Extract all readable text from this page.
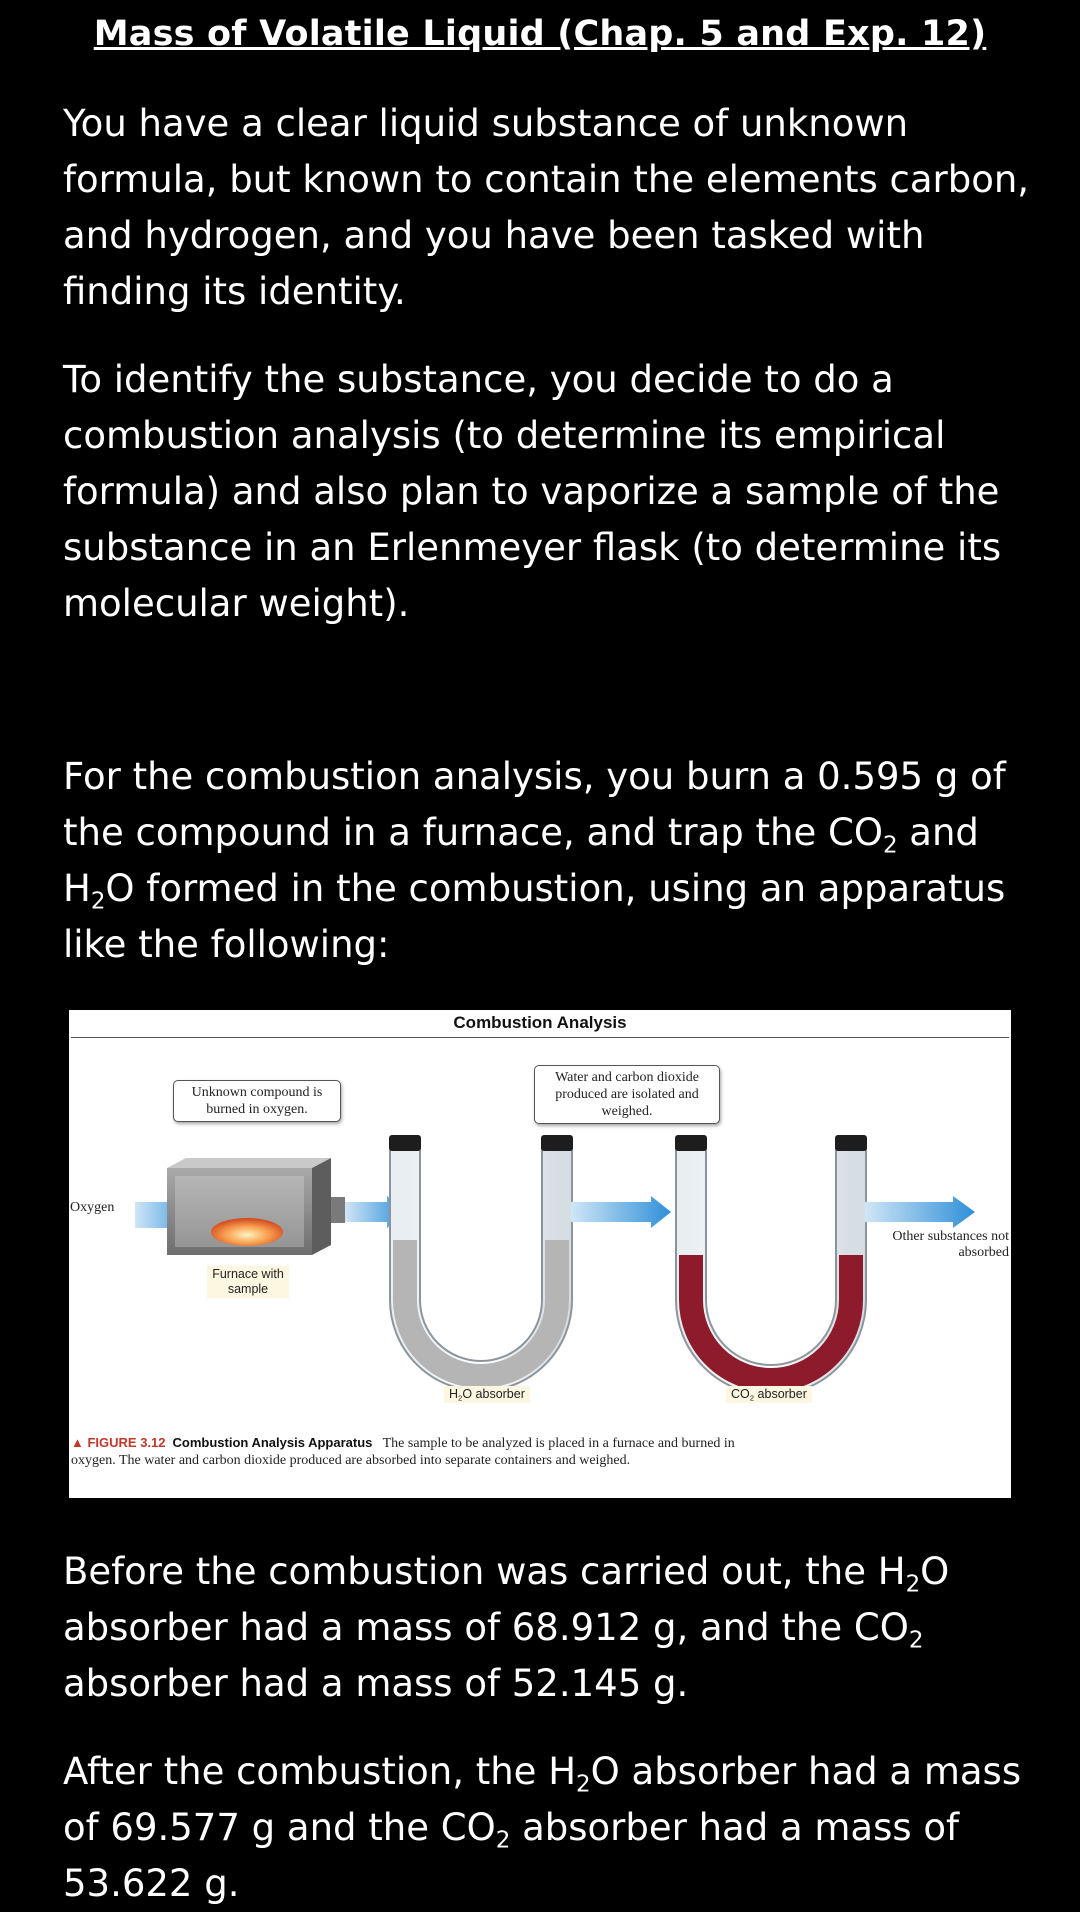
Mass of Volatile Liquid (Chap. 5 and Exp. 12)

You have a clear liquid substance of unknown formula, but known to contain the elements carbon, and hydrogen, and you have been tasked with finding its identity.

To identify the substance, you decide to do a combustion analysis (to determine its empirical formula) and also plan to vaporize a sample of the substance in an Erlenmeyer flask (to determine its molecular weight).

For the combustion analysis, you burn a 0.595 g of the compound in a furnace, and trap the $CO_2$ and $H_2O$ formed in the combustion, using an apparatus like the following:

Combustion Analysis
Unknown compound is burned in oxygen.
Water and carbon dioxide produced are isolated and weighed.
Oxygen
Other substances not absorbed
Furnace with sample
$H_2O$ absorber	$CO_2$ absorber
▲ FIGURE 3.12 Combustion Analysis Apparatus The sample to be analyzed is placed in a furnace and burned in oxygen. The water and carbon dioxide produced are absorbed into separate containers and weighed.

Before the combustion was carried out, the $H_2O$ absorber had a mass of 68.912 g, and the $CO_2$ absorber had a mass of 52.145 g.

After the combustion, the $H_2O$ absorber had a mass of 69.577 g and the $CO_2$ absorber had a mass of 53.622 g.
